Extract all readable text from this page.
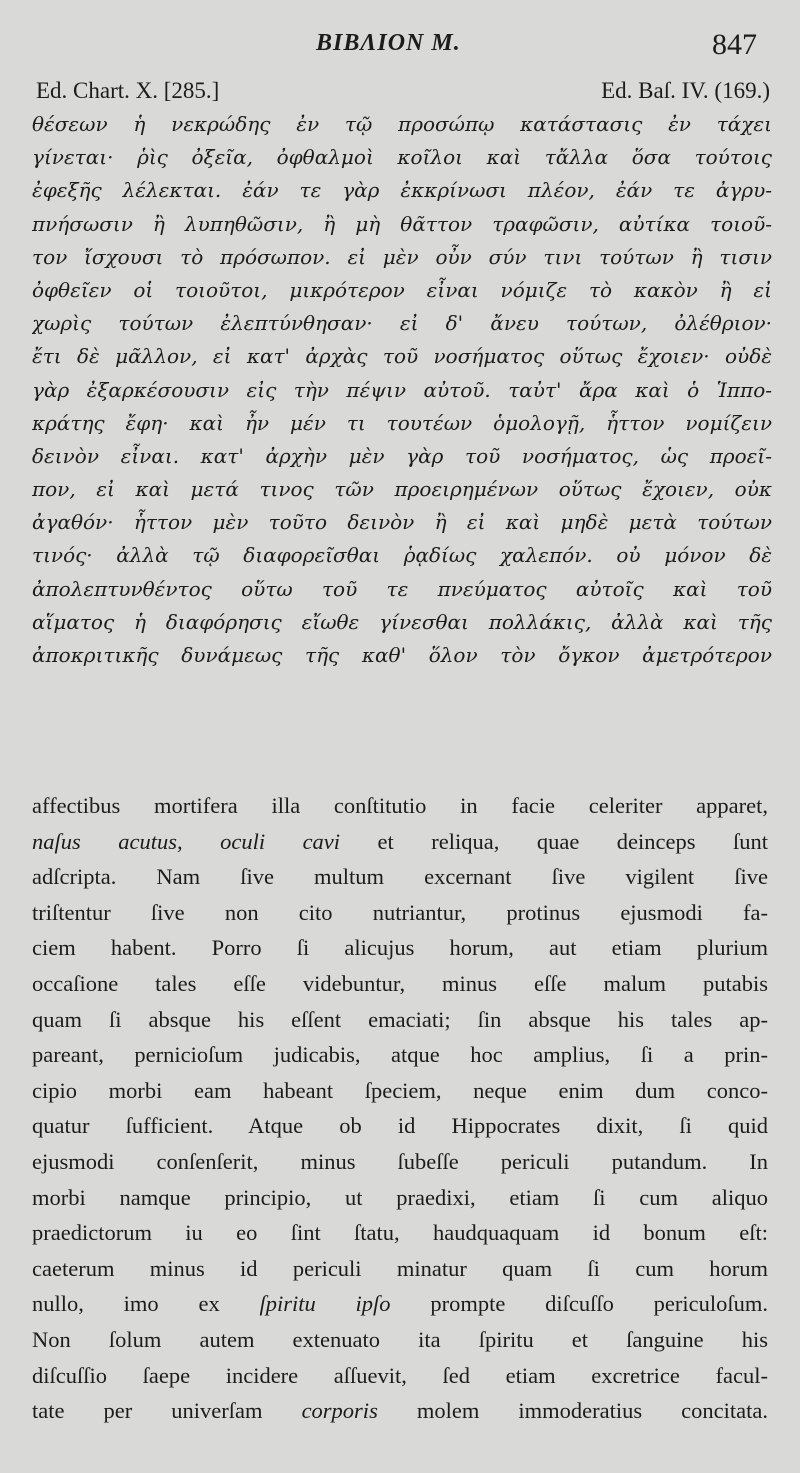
BIBΛΙΟΝ Μ.	847
Ed. Chart. X. [285.]	Ed. Baſ. IV. (169.)
θέσεων ἡ νεκρώδης ἐν τῷ προσώπῳ κατάστασις ἐν τάχει
γίνεται· ῥὶς ὀξεῖα, ὀφθαλμοὶ κοῖλοι καὶ τἄλλα ὅσα τούτοις
ἐφεξῆς λέλεκται. ἐάν τε γὰρ ἐκκρίνωσι πλέον, ἐάν τε ἀγρυ-
πνήσωσιν ἢ λυπηθῶσιν, ἢ μὴ θᾶττον τραφῶσιν, αὐτίκα τοιοῦ-
τον ἴσχουσι τὸ πρόσωπον. εἰ μὲν οὖν σύν τινι τούτων ἢ τισιν
ὀφθεῖεν οἱ τοιοῦτοι, μικρότερον εἶναι νόμιζε τὸ κακὸν ἢ εἰ
χωρὶς τούτων ἐλεπτύνθησαν· εἰ δ' ἄνευ τούτων, ὀλέθριον·
ἔτι δὲ μᾶλλον, εἰ κατ' ἀρχὰς τοῦ νοσήματος οὕτως ἔχοιεν· οὐδὲ
γὰρ ἐξαρκέσουσιν εἰς τὴν πέψιν αὐτοῦ. ταὐτ' ἄρα καὶ ὁ Ἱππο-
κράτης ἔφη· καὶ ἦν μέν τι τουτέων ὁμολογῇ, ἧττον νομίζειν
δεινὸν εἶναι. κατ' ἀρχὴν μὲν γὰρ τοῦ νοσήματος, ὡς προεῖ-
πον, εἰ καὶ μετά τινος τῶν προειρημένων οὕτως ἔχοιεν, οὐκ
ἀγαθόν· ἧττον μὲν τοῦτο δεινὸν ἢ εἰ καὶ μηδὲ μετὰ τούτων
τινός· ἀλλὰ τῷ διαφορεῖσθαι ῥᾳδίως χαλεπόν. οὐ μόνον δὲ
ἀπολεπτυνθέντος οὕτω τοῦ τε πνεύματος αὐτοῖς καὶ τοῦ
αἵματος ἡ διαφόρησις εἴωθε γίνεσθαι πολλάκις, ἀλλὰ καὶ τῆς
ἀποκριτικῆς δυνάμεως τῆς καθ' ὅλον τὸν ὄγκον ἀμετρότερον
affectibus mortifera illa conſtitutio in facie celeriter apparet,
naſus acutus, oculi cavi et reliqua, quae deinceps ſunt
adſcripta. Nam ſive multum excernant ſive vigilent ſive
triſtentur ſive non cito nutriantur, protinus ejusmodi fa-
ciem habent. Porro ſi alicujus horum, aut etiam plurium
occaſione tales eſſe videbuntur, minus eſſe malum putabis
quam ſi absque his eſſent emaciati; ſin absque his tales ap-
pareant, pernicioſum judicabis, atque hoc amplius, ſi a prin-
cipio morbi eam habeant ſpeciem, neque enim dum conco-
quatur ſufficient. Atque ob id Hippocrates dixit, ſi quid
ejusmodi conſenſerit, minus ſubeſſe periculi putandum. In
morbi namque principio, ut praedixi, etiam ſi cum aliquo
praedictorum iu eo ſint ſtatu, haudquaquam id bonum eſt:
caeterum minus id periculi minatur quam ſi cum horum
nullo, imo ex ſpiritu ipſo prompte diſcuſſo periculoſum.
Non ſolum autem extenuato ita ſpiritu et ſanguine his
diſcuſſio ſaepe incidere aſſuevit, ſed etiam excretrice facul-
tate per univerſam corporis molem immoderatius concitata.
